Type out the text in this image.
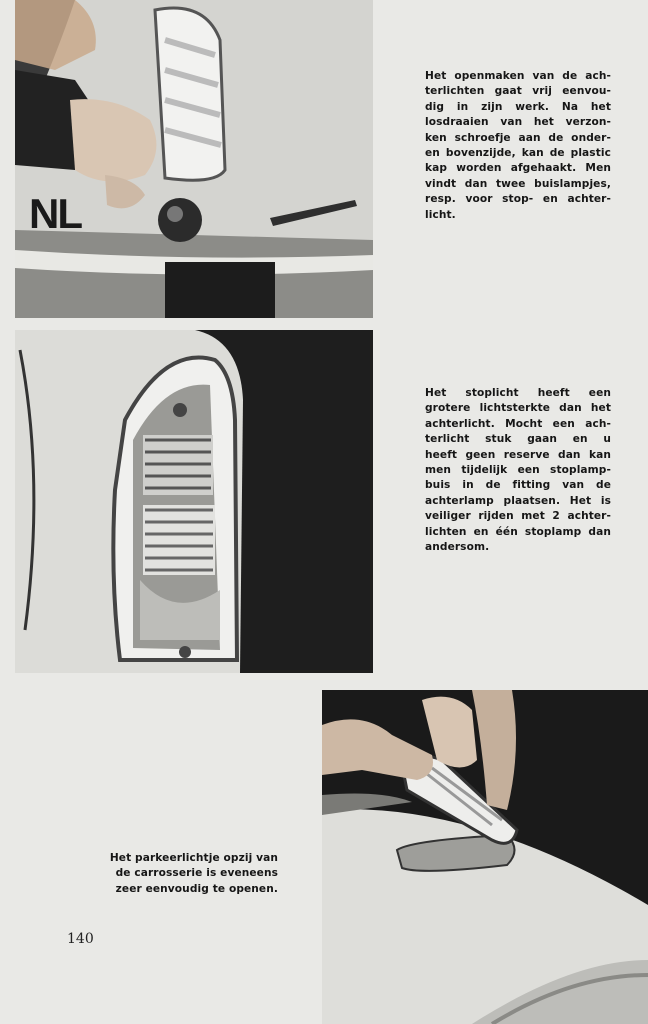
NL

Het openmaken van de ach-
terlichten gaat vrij eenvou-
dig in zijn werk. Na het
losdraaien van het verzon-
ken schroefje aan de onder-
en bovenzijde, kan de plastic
kap worden afgehaakt. Men
vindt dan twee buislampjes,
resp. voor stop- en achter-
licht.

Het stoplicht heeft een
grotere lichtsterkte dan het
achterlicht. Mocht een ach-
terlicht stuk gaan en u
heeft geen reserve dan kan
men tijdelijk een stoplamp-
buis in de fitting van de
achterlamp plaatsen. Het is
veiliger rijden met 2 achter-
lichten en één stoplamp dan
andersom.

Het parkeerlichtje opzij van
de carrosserie is eveneens
zeer eenvoudig te openen.

140
